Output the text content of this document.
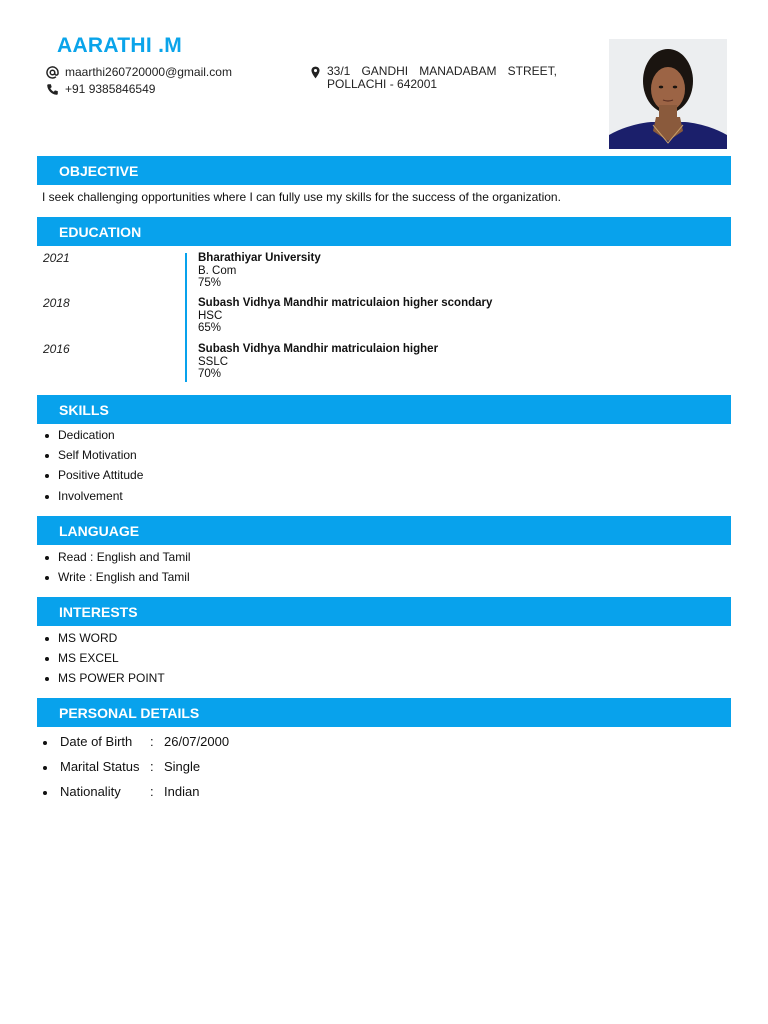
AARATHI .M
maarthi260720000@gmail.com
+91 9385846549
33/1 GANDHI MANADABAM STREET, POLLACHI - 642001
OBJECTIVE
I seek challenging opportunities where I can fully use my skills for the success of the organization.
EDUCATION
2021	Bharathiyar University
B. Com
75%
2018	Subash Vidhya Mandhir matriculaion higher scondary
HSC
65%
2016	Subash Vidhya Mandhir matriculaion higher
SSLC
70%
SKILLS
Dedication
Self Motivation
Positive Attitude
Involvement
LANGUAGE
Read : English and Tamil
Write : English and Tamil
INTERESTS
MS WORD
MS EXCEL
MS POWER POINT
PERSONAL DETAILS
Date of Birth : 26/07/2000
Marital Status : Single
Nationality : Indian
